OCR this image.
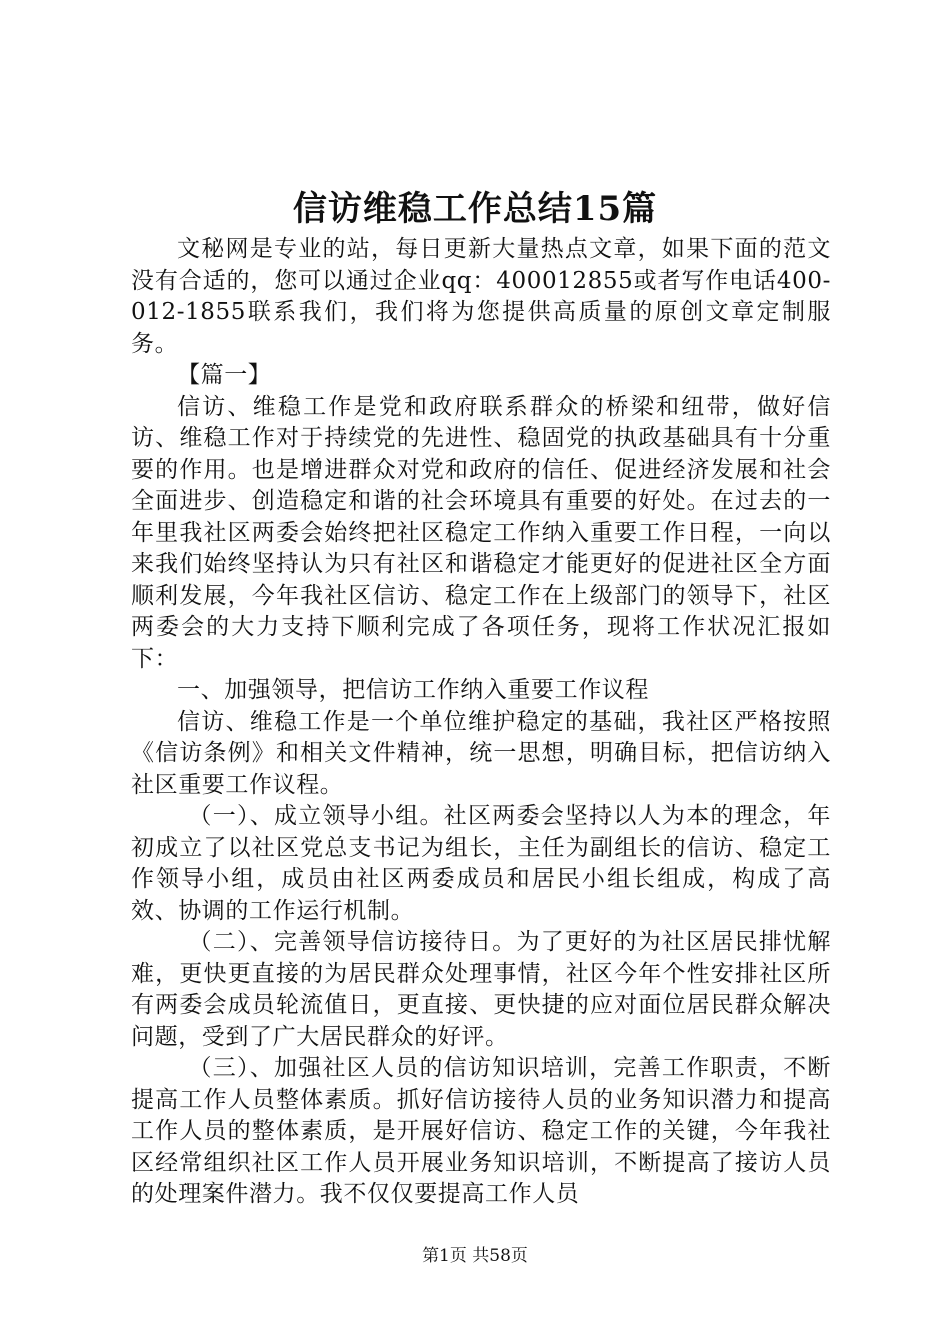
信访维稳工作总结15篇

文秘网是专业的站，每日更新大量热点文章，如果下面的范文没有合适的，您可以通过企业qq：400012855或者写作电话400-012-1855联系我们，我们将为您提供高质量的原创文章定制服务。

【篇一】

信访、维稳工作是党和政府联系群众的桥梁和纽带，做好信访、维稳工作对于持续党的先进性、稳固党的执政基础具有十分重要的作用。也是增进群众对党和政府的信任、促进经济发展和社会全面进步、创造稳定和谐的社会环境具有重要的好处。在过去的一年里我社区两委会始终把社区稳定工作纳入重要工作日程，一向以来我们始终坚持认为只有社区和谐稳定才能更好的促进社区全方面顺利发展，今年我社区信访、稳定工作在上级部门的领导下，社区两委会的大力支持下顺利完成了各项任务，现将工作状况汇报如下：

一、加强领导，把信访工作纳入重要工作议程

信访、维稳工作是一个单位维护稳定的基础，我社区严格按照《信访条例》和相关文件精神，统一思想，明确目标，把信访纳入社区重要工作议程。

（一）、成立领导小组。社区两委会坚持以人为本的理念，年初成立了以社区党总支书记为组长，主任为副组长的信访、稳定工作领导小组，成员由社区两委成员和居民小组长组成，构成了高效、协调的工作运行机制。

（二）、完善领导信访接待日。为了更好的为社区居民排忧解难，更快更直接的为居民群众处理事情，社区今年个性安排社区所有两委会成员轮流值日，更直接、更快捷的应对面位居民群众解决问题，受到了广大居民群众的好评。

（三）、加强社区人员的信访知识培训，完善工作职责，不断提高工作人员整体素质。抓好信访接待人员的业务知识潜力和提高工作人员的整体素质，是开展好信访、稳定工作的关键，今年我社区经常组织社区工作人员开展业务知识培训，不断提高了接访人员的处理案件潜力。我不仅仅要提高工作人员

第1页 共58页
